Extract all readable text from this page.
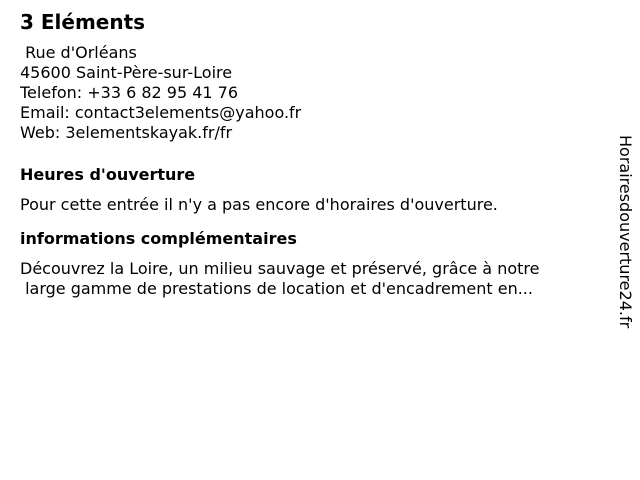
3 Eléments
Rue d'Orléans
45600 Saint-Père-sur-Loire
Telefon: +33 6 82 95 41 76
Email: contact3elements@yahoo.fr
Web: 3elementskayak.fr/fr
Heures d'ouverture
Pour cette entrée il n'y a pas encore d'horaires d'ouverture.
informations complémentaires
Découvrez la Loire, un milieu sauvage et préservé, grâce à notre
large gamme de prestations de location et d'encadrement en...	Horairesdouverture24.fr
